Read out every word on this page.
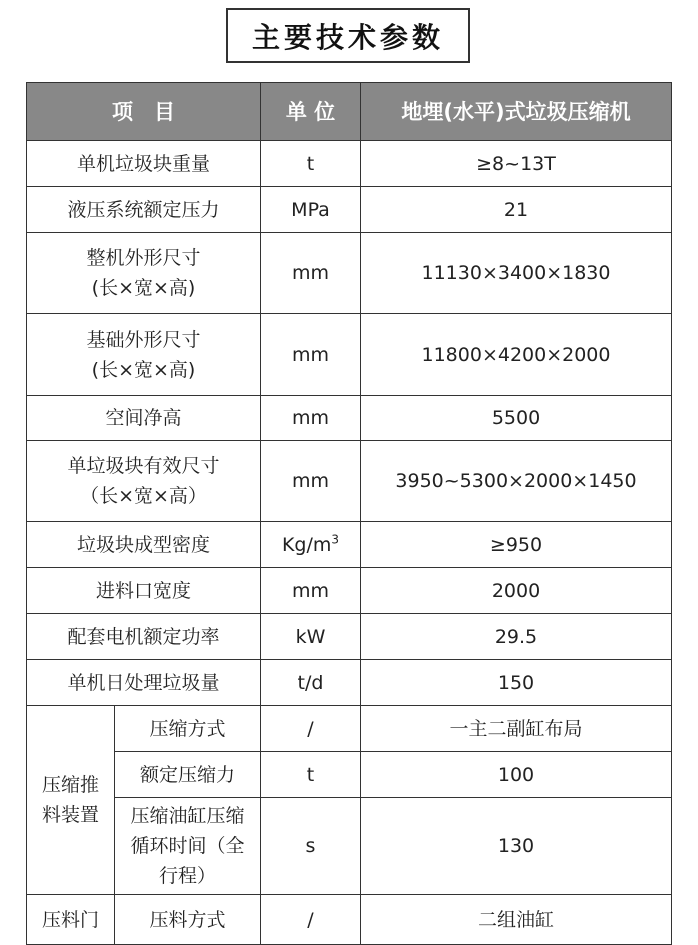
主要技术参数
项　目		单 位	地埋(水平)式垃圾压缩机
单机垃圾块重量		t	≥8~13T
液压系统额定压力		MPa	21

整机外形尺寸
(长×宽×高)		mm	11130×3400×1830

基础外形尺寸
(长×宽×高)		mm	11800×4200×2000
空间净高		mm	5500

单垃圾块有效尺寸
（长×宽×高）		mm	3950~5300×2000×1450
垃圾块成型密度		$Kg/m^3$	≥950
进料口宽度		mm	2000
配套电机额定功率		kW	29.5
单机日处理垃圾量		t/d	150

压缩推
料装置	压缩方式	/	一主二副缸布局
	额定压缩力	t	100

	压缩油缸压缩
循环时间（全
行程）	s	130
压料门	压料方式	/	二组油缸
